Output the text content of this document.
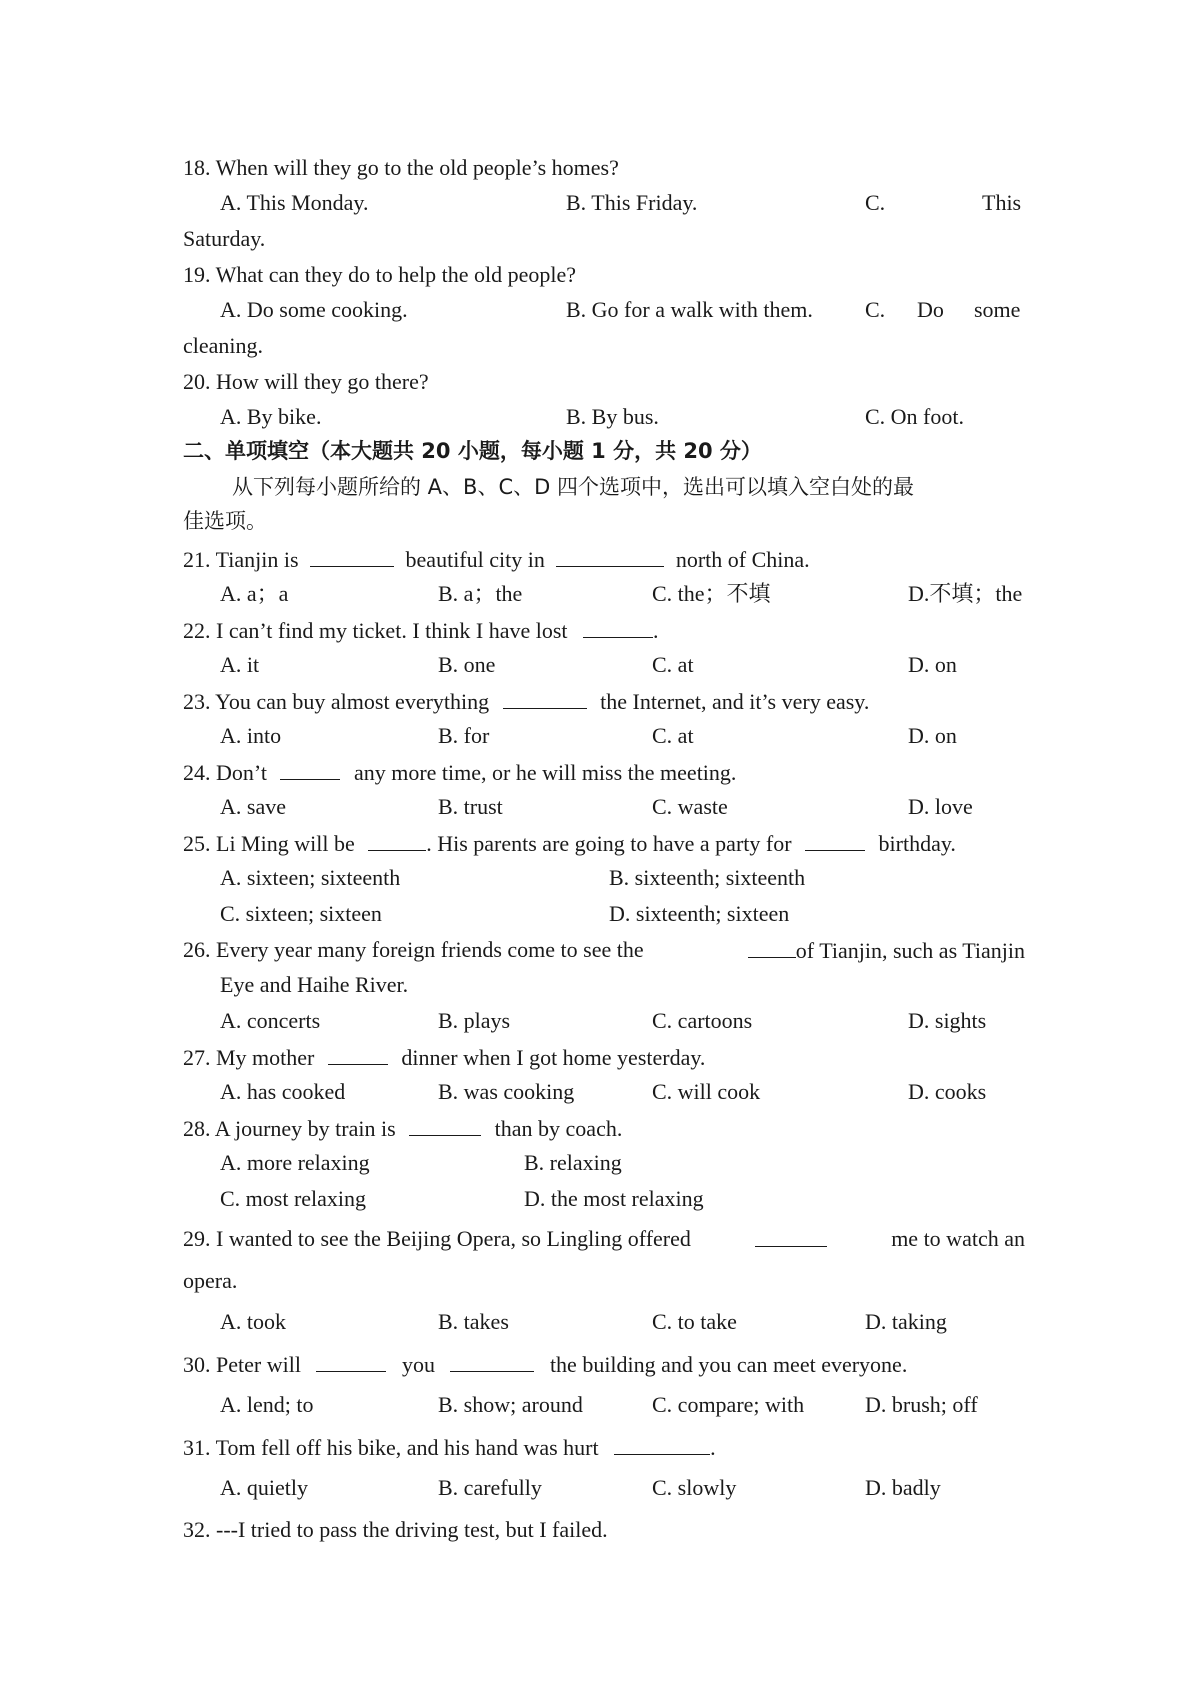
18. When will they go to the old people’s homes?
A. This Monday.	B. This Friday.	C.	This
Saturday.
19. What can they do to help the old people?
A. Do some cooking.	B. Go for a walk with them. C. Do some
cleaning.
20. How will they go there?
A. By bike.	B. By bus.	C. On foot.
二、单项填空（本大题共 20 小题，每小题 1 分，共 20 分）
从下列每小题所给的 A、B、C、D 四个选项中，选出可以填入空白处的最
佳选项。
21. Tianjin is	beautiful city in	north of China.
A. a；a	B. a；the	C. the；不填	D.不填；the
22. I can’t find my ticket. I think I have lost	.
A. it	B. one	C. at	D. on
23. You can buy almost everything	the Internet, and it’s very easy.
A. into	B. for	C. at	D. on
24. Don’t	any more time, or he will miss the meeting.
A. save	B. trust	C. waste	D. love
25. Li Ming will be	. His parents are going to have a party for	birthday.
A. sixteen; sixteenth	B. sixteenth; sixteenth
C. sixteen; sixteen	D. sixteenth; sixteen
26. Every year many foreign friends come to see the	of Tianjin, such as Tianjin
Eye and Haihe River.
A. concerts	B. plays	C. cartoons	D. sights
27. My mother	dinner when I got home yesterday.
A. has cooked	B. was cooking	C. will cook	D. cooks
28. A journey by train is	than by coach.
A. more relaxing	B. relaxing
C. most relaxing	D. the most relaxing
29. I wanted to see the Beijing Opera, so Lingling offered	me to watch an
opera.
A. took	B. takes	C. to take	D. taking
30. Peter will	you	the building and you can meet everyone.
A. lend; to	B. show; around	C. compare; with	D. brush; off
31. Tom fell off his bike, and his hand was hurt	.
A. quietly	B. carefully	C. slowly	D. badly
32. ---I tried to pass the driving test, but I failed.
